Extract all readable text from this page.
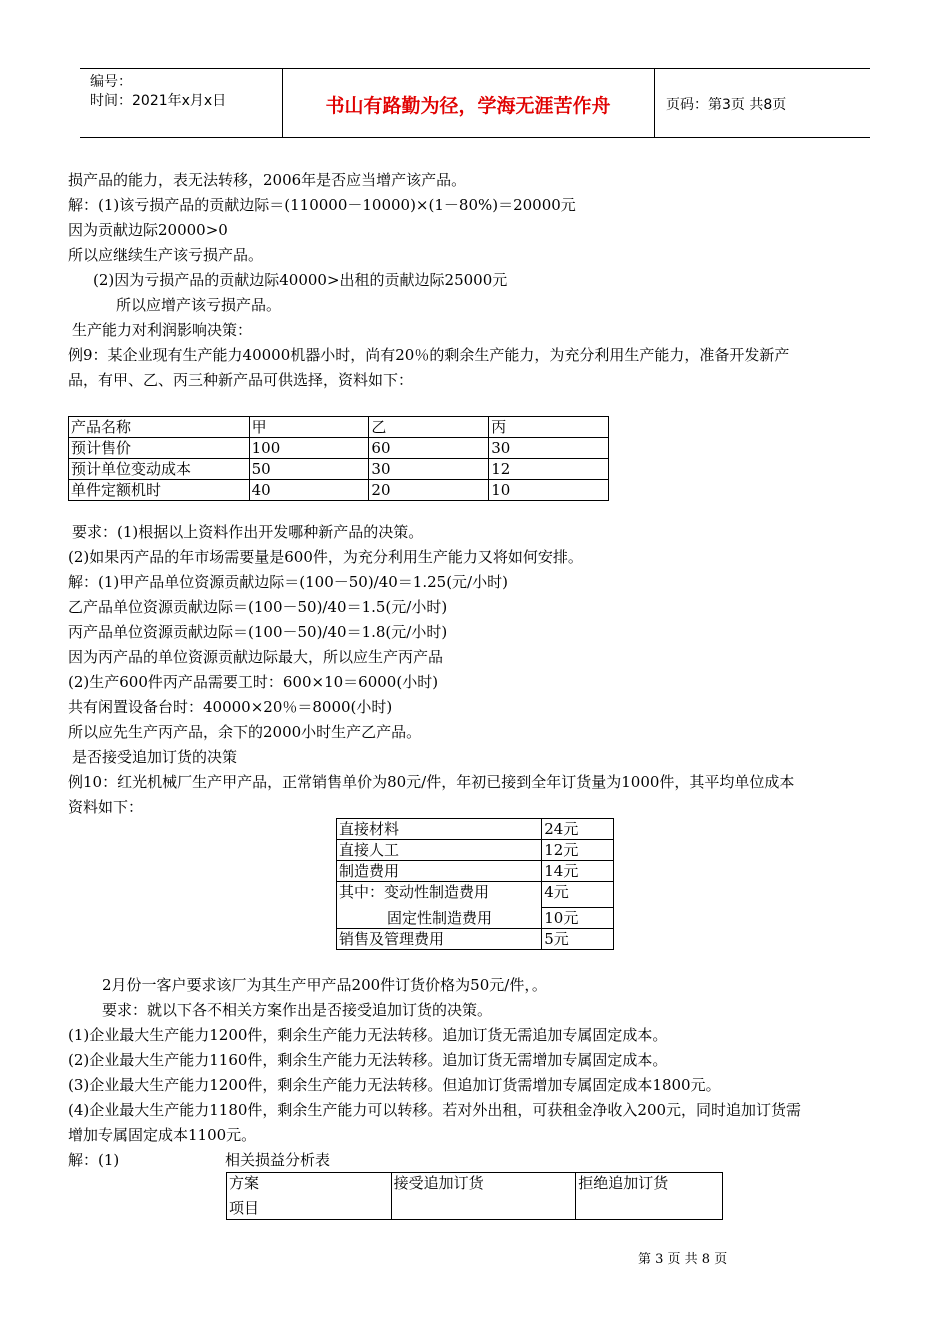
编号：
时间：2021年x月x日	书山有路勤为径，学海无涯苦作舟	页码：第3页 共8页
损产品的能力，表无法转移，2006年是否应当增产该产品。
解：(1)该亏损产品的贡献边际＝(110000－10000)×(1－80%)＝20000元
因为贡献边际20000>0
所以应继续生产该亏损产品。
(2)因为亏损产品的贡献边际40000>出租的贡献边际25000元
所以应增产该亏损产品。
生产能力对利润影响决策：
例9：某企业现有生产能力40000机器小时，尚有20％的剩余生产能力，为充分利用生产能力，准备开发新产
品，有甲、乙、丙三种新产品可供选择，资料如下：
产品名称	甲	乙	丙
预计售价	100	60	30
预计单位变动成本	50	30	12
单件定额机时	40	20	10
要求：(1)根据以上资料作出开发哪种新产品的决策。
(2)如果丙产品的年市场需要量是600件，为充分利用生产能力又将如何安排。
解：(1)甲产品单位资源贡献边际＝(100－50)/40＝1.25(元/小时)
乙产品单位资源贡献边际＝(100－50)/40＝1.5(元/小时)
丙产品单位资源贡献边际＝(100－50)/40＝1.8(元/小时)
因为丙产品的单位资源贡献边际最大，所以应生产丙产品
(2)生产600件丙产品需要工时：600×10＝6000(小时)
共有闲置设备台时：40000×20％＝8000(小时)
所以应先生产丙产品，余下的2000小时生产乙产品。
是否接受追加订货的决策
例10：红光机械厂生产甲产品，正常销售单价为80元/件，年初已接到全年订货量为1000件，其平均单位成本
资料如下：
直接材料	24元
直接人工	12元
制造费用	14元
其中：变动性制造费用	4元
固定性制造费用	10元
销售及管理费用	5元
2月份一客户要求该厂为其生产甲产品200件订货价格为50元/件，。
要求：就以下各不相关方案作出是否接受追加订货的决策。
(1)企业最大生产能力1200件，剩余生产能力无法转移。追加订货无需追加专属固定成本。
(2)企业最大生产能力1160件，剩余生产能力无法转移。追加订货无需增加专属固定成本。
(3)企业最大生产能力1200件，剩余生产能力无法转移。但追加订货需增加专属固定成本1800元。
(4)企业最大生产能力1180件，剩余生产能力可以转移。若对外出租，可获租金净收入200元，同时追加订货需
增加专属固定成本1100元。
解：(1)	相关损益分析表
方案
项目
	接受追加订货	拒绝追加订货
第 3 页 共 8 页
